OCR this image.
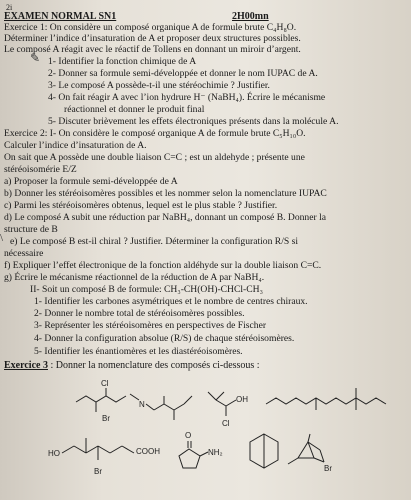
2i
EXAMEN NORMAL SN1	2H00mn
Exercice 1: On considère un composé organique A de formule brute C₄H₈O.
Déterminer l’indice d’insaturation de A et proposer deux structures possibles.
Le composé A réagit avec le réactif de Tollens en donnant un miroir d’argent.
✎ 1- Identifier la fonction chimique de A
2- Donner sa formule semi-développée et donner le nom IUPAC de A.
3- Le composé A possède-t-il une stéréochimie ? Justifier.
4- On fait réagir A avec l’ion hydrure H⁻ (NaBH₄). Écrire le mécanisme
réactionnel et donner le produit final
5- Discuter brièvement les effets électroniques présents dans la molécule A.
Exercice 2: I- On considère le composé organique A de formule brute C₅H₁₀O.
Calculer l’indice d’insaturation de A.
On sait que A possède une double liaison C=C ; est un aldehyde ; présente une
stéréoisomérie E/Z
a) Proposer la formule semi-développée de A
b) Donner les stéréoisomères possibles et les nommer selon la nomenclature IUPAC
c) Parmi les stéréoisomères obtenus, lequel est le plus stable ? Justifier.
d) Le composé A subit une réduction par NaBH₄, donnant un composé B. Donner la
structure de B
\ e) Le composé B est-il chiral ? Justifier. Déterminer la configuration R/S si
nécessaire
f) Expliquer l’effet électronique de la fonction aldéhyde sur la double liaison C=C.
g) Écrire le mécanisme réactionnel de la réduction de A par NaBH₄.
II- Soit un composé B de formule: CH₃-CH(OH)-CHCl-CH₃
1- Identifier les carbones asymétriques et le nombre de centres chiraux.
2- Donner le nombre total de stéréoisomères possibles.
3- Représenter les stéréoisomères en perspectives de Fischer
4- Donner la configuration absolue (R/S) de chaque stéréoisomères.
5- Identifier les énantiomères et les diastéréoisomères.
Exercice 3 : Donner la nomenclature des composés ci-dessous :
Cl
Br
N
OH
Cl
HO	COOH
Br
O
NH₂
Br
